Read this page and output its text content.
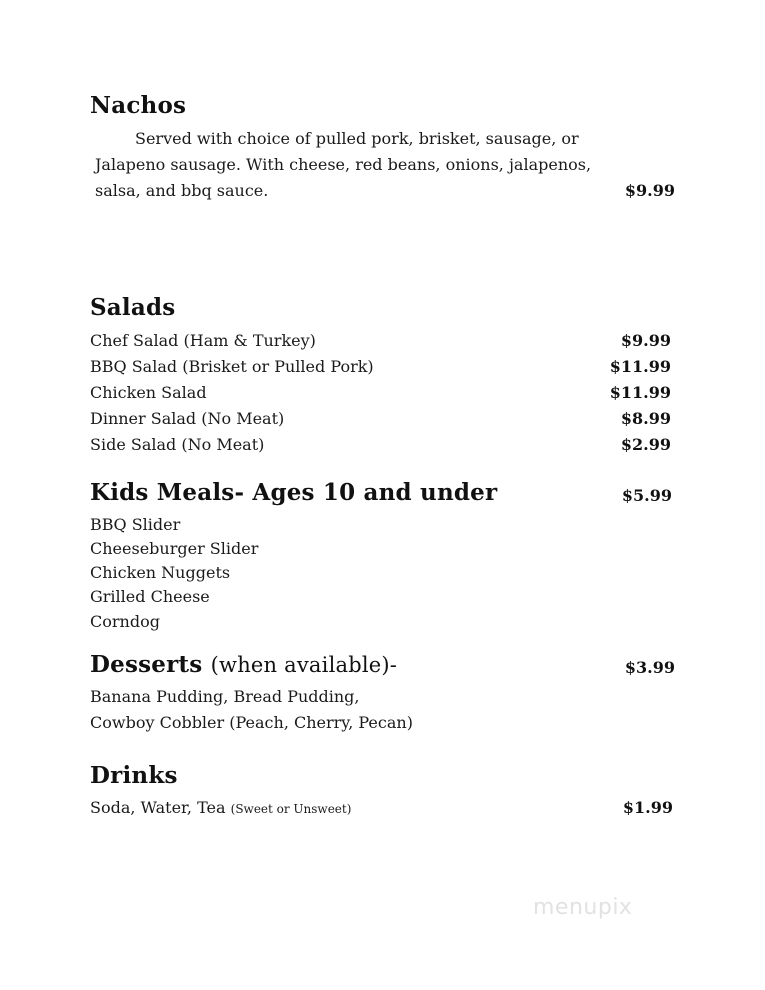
Nachos
Served with choice of pulled pork, brisket, sausage, or
Jalapeno sausage. With cheese, red beans, onions, jalapenos,
salsa, and bbq sauce.	$9.99
Salads
Chef Salad (Ham & Turkey)	$9.99
BBQ Salad (Brisket or Pulled Pork)	$11.99
Chicken Salad	$11.99
Dinner Salad (No Meat)	$8.99
Side Salad (No Meat)	$2.99
Kids Meals- Ages 10 and under	$5.99
BBQ Slider
Cheeseburger Slider
Chicken Nuggets
Grilled Cheese
Corndog
Desserts (when available)-	$3.99
Banana Pudding, Bread Pudding,
Cowboy Cobbler (Peach, Cherry, Pecan)
Drinks
Soda, Water, Tea (Sweet or Unsweet)	$1.99
menupix
